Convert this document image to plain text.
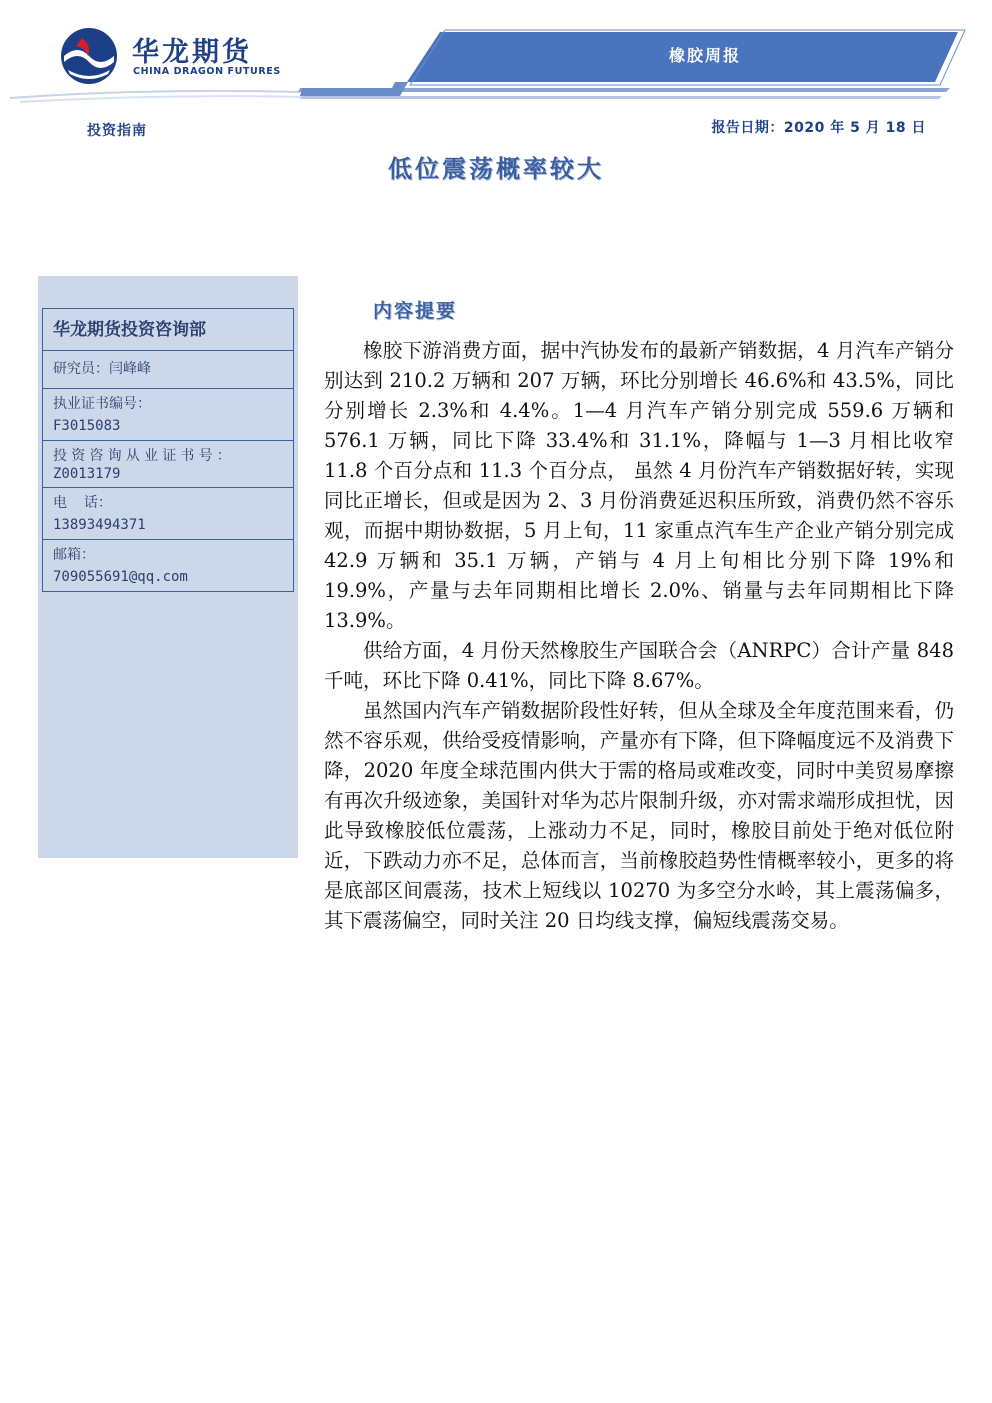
华龙期货
CHINA DRAGON FUTURES
橡胶周报
投资指南	报告日期：2020 年 5 月 18 日
低位震荡概率较大
华龙期货投资咨询部
研究员：闫峰峰
执业证书编号：
F3015083
投资咨询从业证书号：
Z0013179
电  话：
13893494371
邮箱：
709055691@qq.com
内容提要

橡胶下游消费方面，据中汽协发布的最新产销数据，4 月汽车产销分别达到 210.2 万辆和 207 万辆，环比分别增长 46.6%和 43.5%，同比分别增长 2.3%和 4.4%。1—4 月汽车产销分别完成 559.6 万辆和 576.1 万辆，同比下降 33.4%和 31.1%，降幅与 1—3 月相比收窄 11.8 个百分点和 11.3 个百分点， 虽然 4 月份汽车产销数据好转，实现同比正增长，但或是因为 2、3 月份消费延迟积压所致，消费仍然不容乐观，而据中期协数据，5 月上旬，11 家重点汽车生产企业产销分别完成 42.9 万辆和 35.1 万辆，产销与 4 月上旬相比分别下降 19%和 19.9%，产量与去年同期相比增长 2.0%、销量与去年同期相比下降 13.9%。

供给方面，4 月份天然橡胶生产国联合会（ANRPC）合计产量 848 千吨，环比下降 0.41%，同比下降 8.67%。

虽然国内汽车产销数据阶段性好转，但从全球及全年度范围来看，仍然不容乐观，供给受疫情影响，产量亦有下降，但下降幅度远不及消费下降，2020 年度全球范围内供大于需的格局或难改变，同时中美贸易摩擦有再次升级迹象，美国针对华为芯片限制升级，亦对需求端形成担忧，因此导致橡胶低位震荡，上涨动力不足，同时，橡胶目前处于绝对低位附近，下跌动力亦不足，总体而言，当前橡胶趋势性情概率较小，更多的将是底部区间震荡，技术上短线以 10270 为多空分水岭，其上震荡偏多，其下震荡偏空，同时关注 20 日均线支撑，偏短线震荡交易。
